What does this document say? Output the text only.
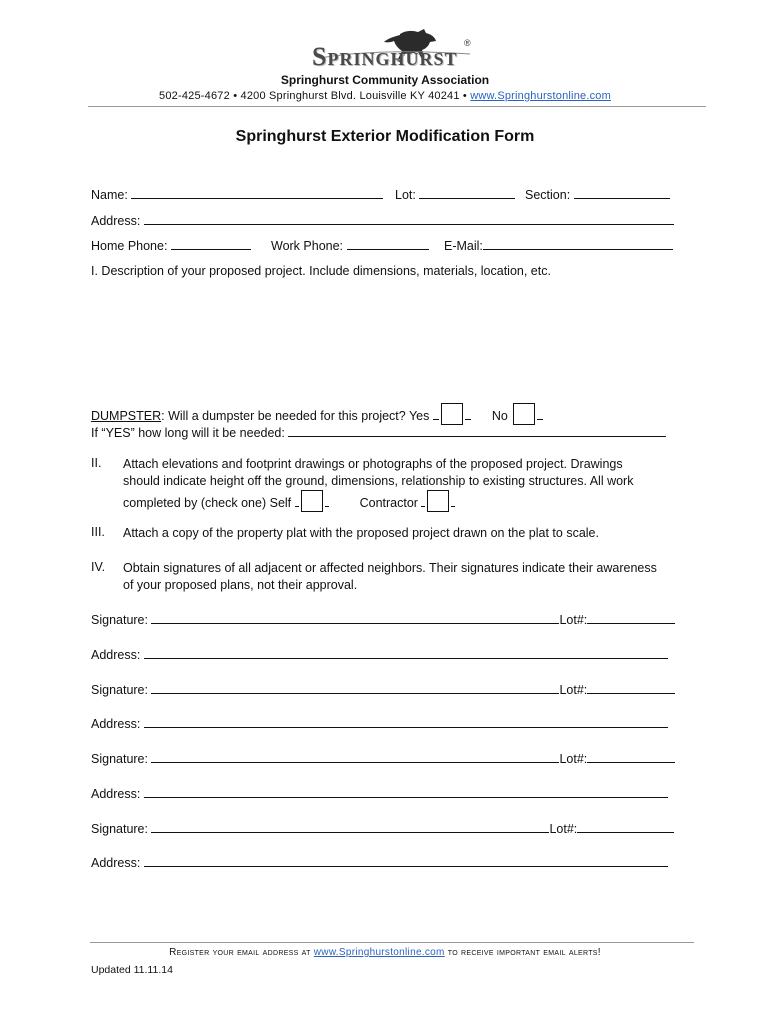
Springhurst ®
Springhurst Community Association
502-425-4672 • 4200 Springhurst Blvd. Louisville KY 40241 • www.Springhurstonline.com
Springhurst Exterior Modification Form
Name:	Lot:	Section:
Address:
Home Phone:	Work Phone:	E-Mail:
I. Description of your proposed project. Include dimensions, materials, location, etc.
DUMPSTER: Will a dumpster be needed for this project? Yes	No
If “YES” how long will it be needed:
II. Attach elevations and footprint drawings or photographs of the proposed project. Drawings
should indicate height off the ground, dimensions, relationship to existing structures. All work
completed by (check one) Self	Contractor
III. Attach a copy of the property plat with the proposed project drawn on the plat to scale.
IV. Obtain signatures of all adjacent or affected neighbors. Their signatures indicate their awareness
of your proposed plans, not their approval.
Signature:	Lot#:
Address:
Signature:	Lot#:
Address:
Signature:	Lot#:
Address:
Signature:	Lot#:
Address:
Register your email address at www.Springhurstonline.com to receive important email alerts!
Updated 11.11.14
